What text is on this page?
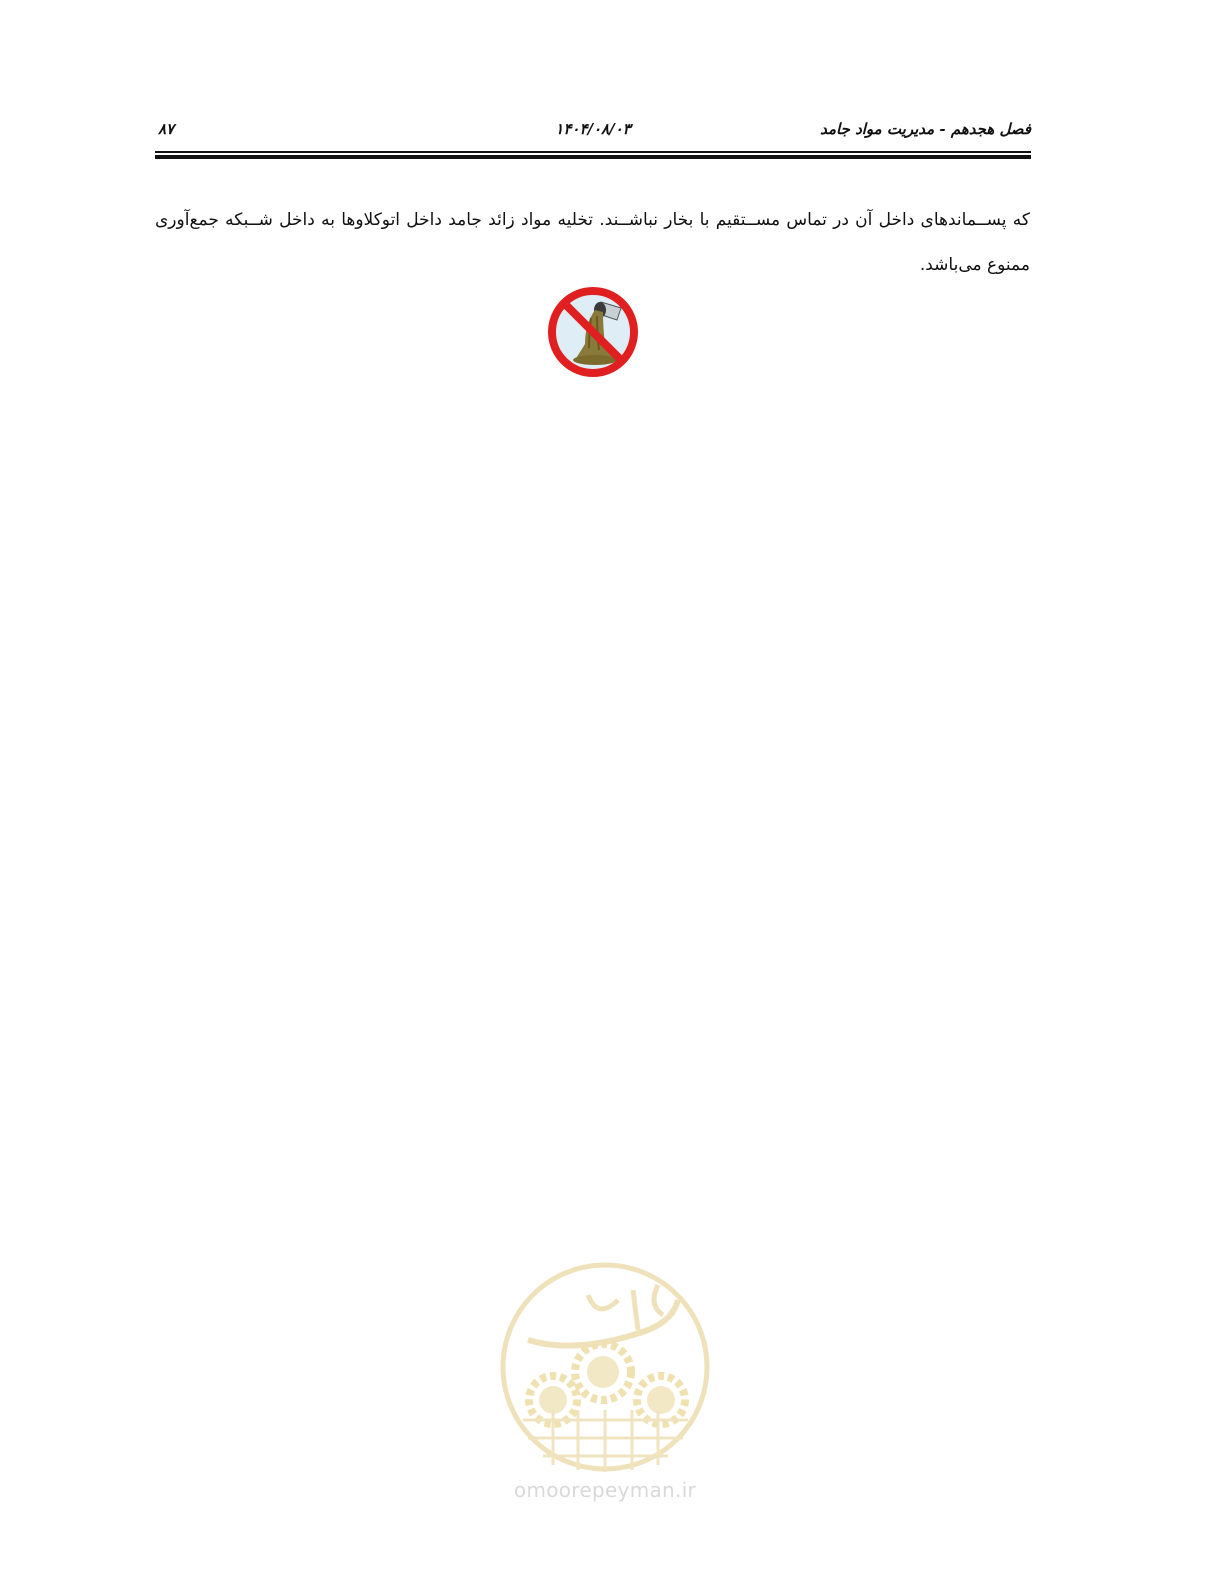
فصل هجدهم - مدیریت مواد جامد
۱۴۰۴/۰۸/۰۳
۸۷
که پســماندهای داخل آن در تماس مســتقیم با بخار نباشــند. تخلیه مواد زائد جامد داخل اتوکلاوها به داخل شــبکه جمع‌آوری ممنوع می‌باشد.
omoorepeyman.ir
